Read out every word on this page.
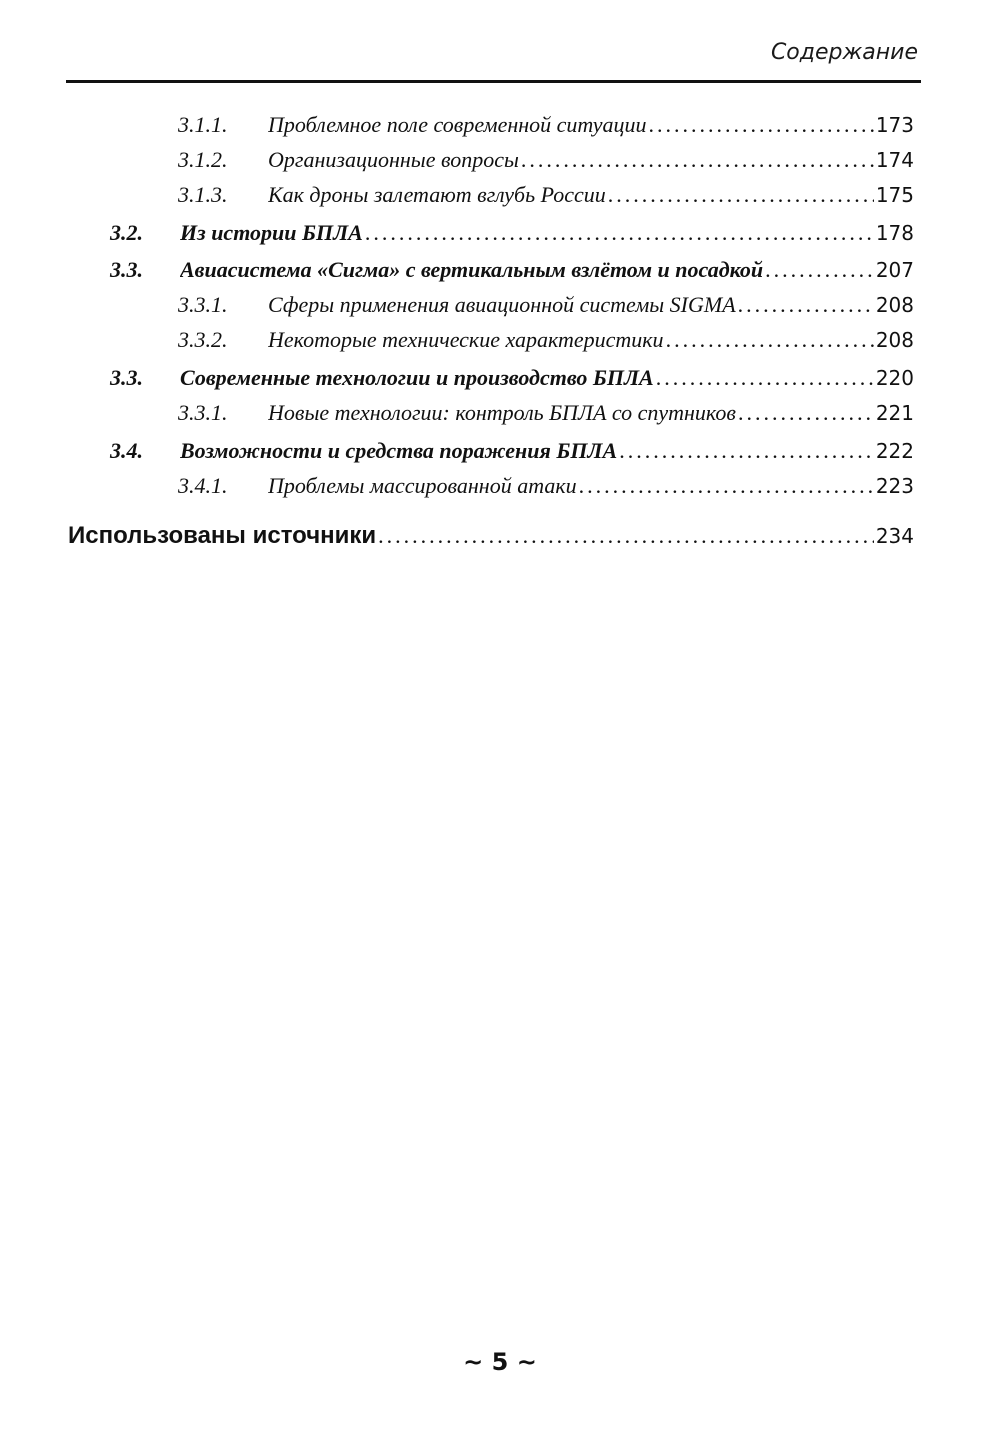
Содержание
3.1.1. Проблемное поле современной ситуации .....	173
3.1.2. Организационные вопросы .....	174
3.1.3. Как дроны залетают вглубь России .....	175
3.2. Из истории БПЛА .....	178
3.3. Авиасистема «Сигма» с вертикальным взлётом и посадкой .....	207
3.3.1. Сферы применения авиационной системы SIGMA .....	208
3.3.2. Некоторые технические характеристики .....	208
3.3. Современные технологии и производство БПЛА .....	220
3.3.1. Новые технологии: контроль БПЛА со спутников .....	221
3.4. Возможности и средства поражения БПЛА .....	222
3.4.1. Проблемы массированной атаки .....	223
Использованы источники .....	234
~ 5 ~
